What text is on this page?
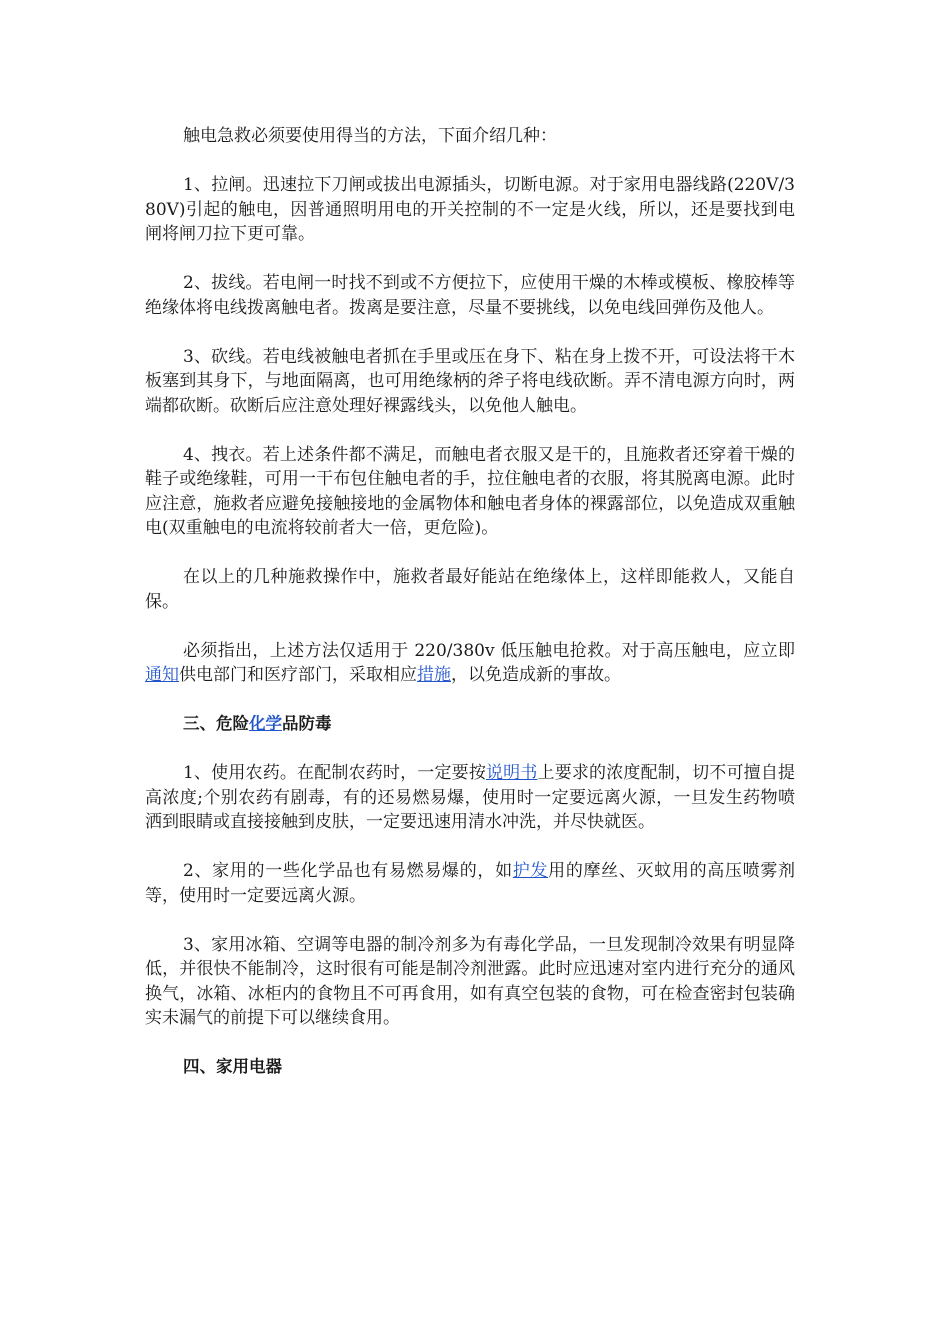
触电急救必须要使用得当的方法，下面介绍几种：

1、拉闸。迅速拉下刀闸或拔出电源插头，切断电源。对于家用电器线路(220V/380V)引起的触电，因普通照明用电的开关控制的不一定是火线，所以，还是要找到电闸将闸刀拉下更可靠。

2、拔线。若电闸一时找不到或不方便拉下，应使用干燥的木棒或模板、橡胶棒等绝缘体将电线拨离触电者。拨离是要注意，尽量不要挑线，以免电线回弹伤及他人。

3、砍线。若电线被触电者抓在手里或压在身下、粘在身上拨不开，可设法将干木板塞到其身下，与地面隔离，也可用绝缘柄的斧子将电线砍断。弄不清电源方向时，两端都砍断。砍断后应注意处理好裸露线头，以免他人触电。

4、拽衣。若上述条件都不满足，而触电者衣服又是干的，且施救者还穿着干燥的鞋子或绝缘鞋，可用一干布包住触电者的手，拉住触电者的衣服，将其脱离电源。此时应注意，施救者应避免接触接地的金属物体和触电者身体的裸露部位，以免造成双重触电(双重触电的电流将较前者大一倍，更危险)。

在以上的几种施救操作中，施救者最好能站在绝缘体上，这样即能救人，又能自保。

必须指出，上述方法仅适用于 220/380v 低压触电抢救。对于高压触电，应立即通知供电部门和医疗部门，采取相应措施，以免造成新的事故。

三、危险化学品防毒

1、使用农药。在配制农药时，一定要按说明书上要求的浓度配制，切不可擅自提高浓度;个别农药有剧毒，有的还易燃易爆，使用时一定要远离火源，一旦发生药物喷洒到眼睛或直接接触到皮肤，一定要迅速用清水冲洗，并尽快就医。

2、家用的一些化学品也有易燃易爆的，如护发用的摩丝、灭蚊用的高压喷雾剂等，使用时一定要远离火源。

3、家用冰箱、空调等电器的制冷剂多为有毒化学品，一旦发现制冷效果有明显降低，并很快不能制冷，这时很有可能是制冷剂泄露。此时应迅速对室内进行充分的通风换气，冰箱、冰柜内的食物且不可再食用，如有真空包装的食物，可在检查密封包装确实未漏气的前提下可以继续食用。

四、家用电器
